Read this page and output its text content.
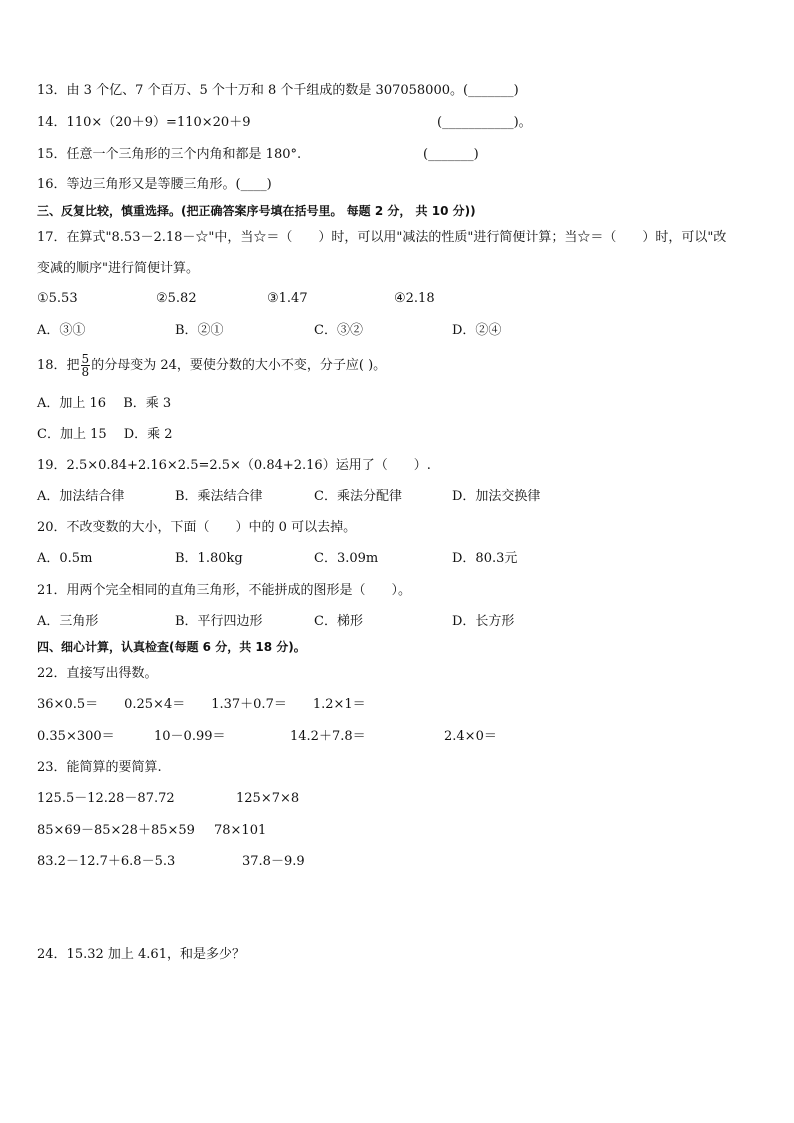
13．由 3 个亿、7 个百万、5 个十万和 8 个千组成的数是 307058000。(_______)
14．110×（20＋9）=110×20＋9	(___________)。
15．任意一个三角形的三个内角和都是 180°.	(_______)
16．等边三角形又是等腰三角形。(____)
三、反复比较，慎重选择。(把正确答案序号填在括号里。 每题 2 分， 共 10 分))
17．在算式"8.53－2.18－☆"中，当☆＝（　　）时，可以用"减法的性质"进行简便计算；当☆＝（　　）时，可以"改
变减的顺序"进行简便计算。
①5.53	②5.82	③1.47	④2.18
A．③①	B．②①	C．③②	D．②④
18．把 $\frac{5}{8}$ 的分母变为 24，要使分数的大小不变，分子应( )。
A．加上 16　 B．乘 3
C．加上 15　 D．乘 2
19．2.5×0.84+2.16×2.5=2.5×（0.84+2.16）运用了（　　）.
A．加法结合律	B．乘法结合律	C．乘法分配律	D．加法交换律
20．不改变数的大小，下面（　　）中的 0 可以去掉。
A．0.5m	B．1.80kg	C．3.09m	D．80.3元
21．用两个完全相同的直角三角形，不能拼成的图形是（　　）。
A．三角形	B．平行四边形	C．梯形	D．长方形
四、细心计算，认真检查(每题 6 分，共 18 分)。
22．直接写出得数。
36×0.5＝　　0.25×4＝　　1.37＋0.7＝　　1.2×1＝
0.35×300＝	10－0.99＝	14.2＋7.8＝	2.4×0＝
23．能简算的要简算.
125.5－12.28－87.72	125×7×8
85×69－85×28＋85×59 78×101
83.2－12.7＋6.8－5.3	37.8－9.9
24．15.32 加上 4.61，和是多少？
